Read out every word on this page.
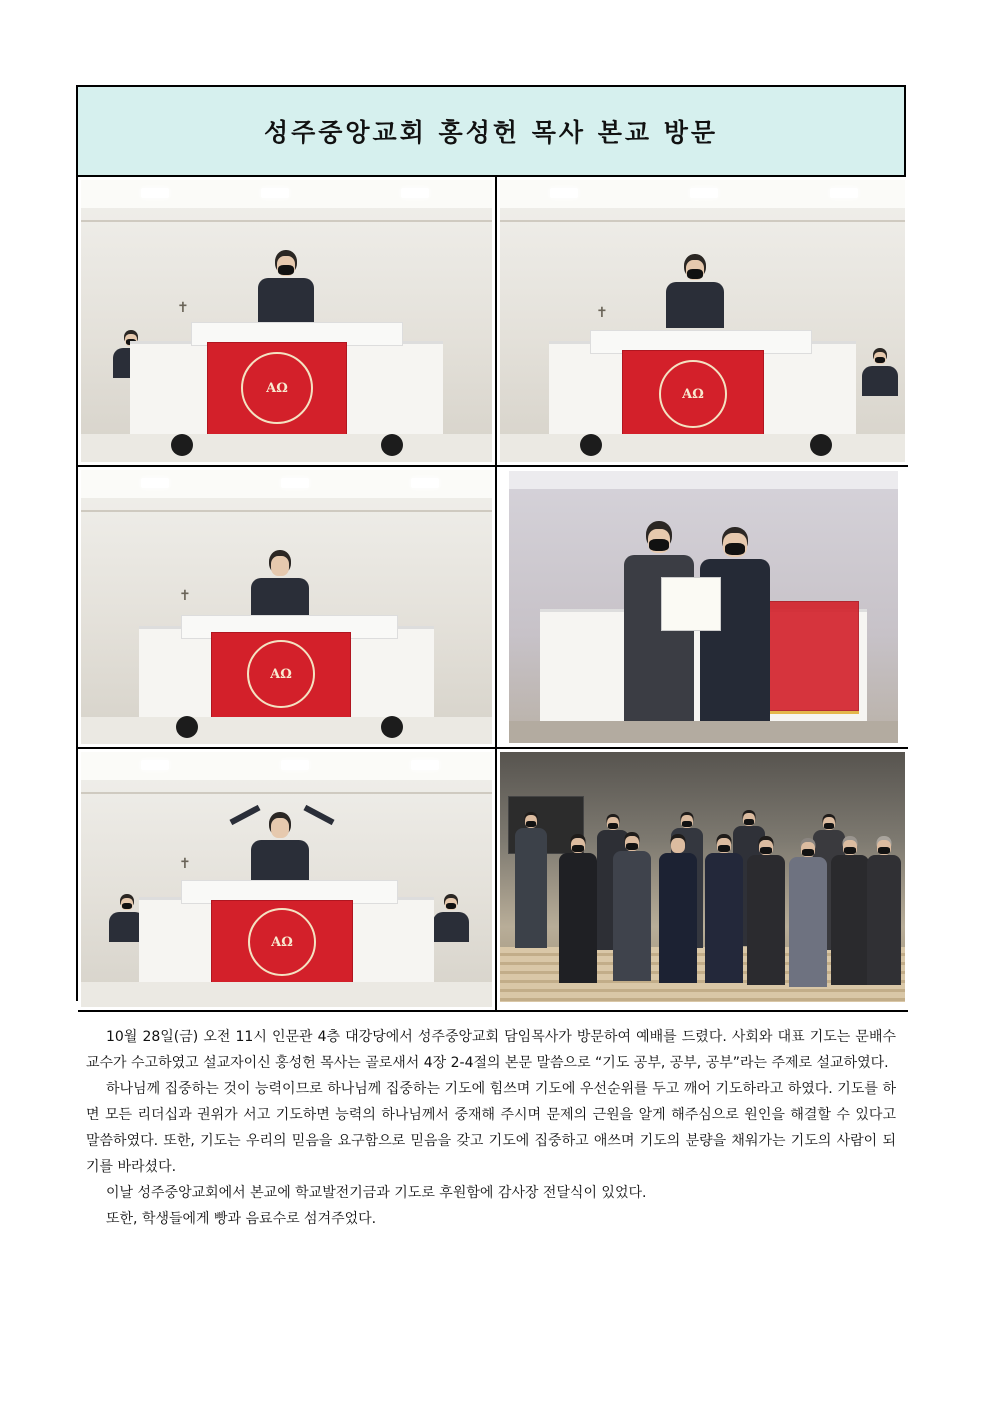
성주중앙교회 홍성헌 목사 본교 방문
✝
AΩ
✝
AΩ
✝
AΩ
✝
AΩ

10월 28일(금) 오전 11시 인문관 4층 대강당에서 성주중앙교회 담임목사가 방문하여 예배를 드렸다. 사회와 대표 기도는 문배수 교수가 수고하였고 설교자이신 홍성헌 목사는 골로새서 4장 2-4절의 본문 말씀으로 “기도 공부, 공부, 공부”라는 주제로 설교하였다.

하나님께 집중하는 것이 능력이므로 하나님께 집중하는 기도에 힘쓰며 기도에 우선순위를 두고 깨어 기도하라고 하였다. 기도를 하면 모든 리더십과 권위가 서고 기도하면 능력의 하나님께서 중재해 주시며 문제의 근원을 알게 해주심으로 원인을 해결할 수 있다고 말씀하였다. 또한, 기도는 우리의 믿음을 요구함으로 믿음을 갖고 기도에 집중하고 애쓰며 기도의 분량을 채워가는 기도의 사람이 되기를 바라셨다.

이날 성주중앙교회에서 본교에 학교발전기금과 기도로 후원함에 감사장 전달식이 있었다.

또한, 학생들에게 빵과 음료수로 섬겨주었다.
